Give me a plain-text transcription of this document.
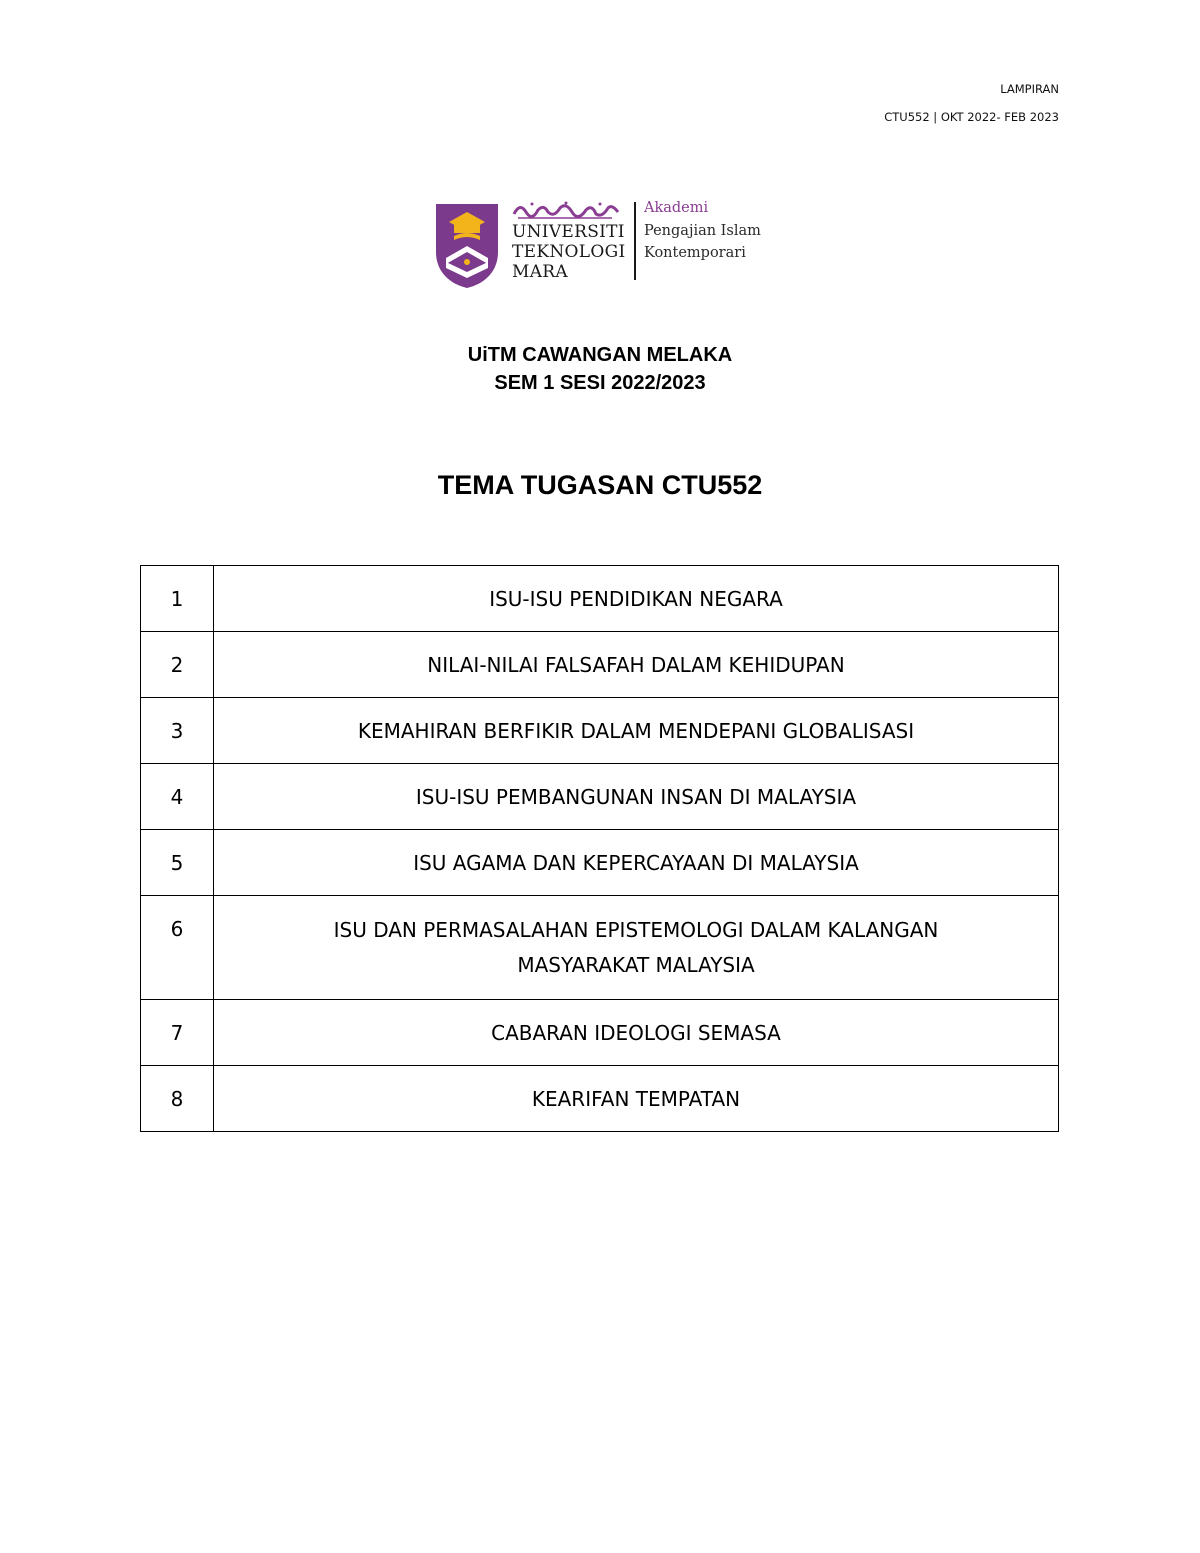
LAMPIRAN
CTU552 | OKT 2022- FEB 2023
UNIVERSITI
TEKNOLOGI
MARA
Akademi
Pengajian Islam
Kontemporari
UiTM CAWANGAN MELAKA
SEM 1 SESI 2022/2023
TEMA TUGASAN CTU552
1	ISU-ISU PENDIDIKAN NEGARA
2	NILAI-NILAI FALSAFAH DALAM KEHIDUPAN
3	KEMAHIRAN BERFIKIR DALAM MENDEPANI GLOBALISASI
4	ISU-ISU PEMBANGUNAN INSAN DI MALAYSIA
5	ISU AGAMA DAN KEPERCAYAAN DI MALAYSIA
6	ISU DAN PERMASALAHAN EPISTEMOLOGI DALAM KALANGAN
MASYARAKAT MALAYSIA

7	CABARAN IDEOLOGI SEMASA
8	KEARIFAN TEMPATAN
